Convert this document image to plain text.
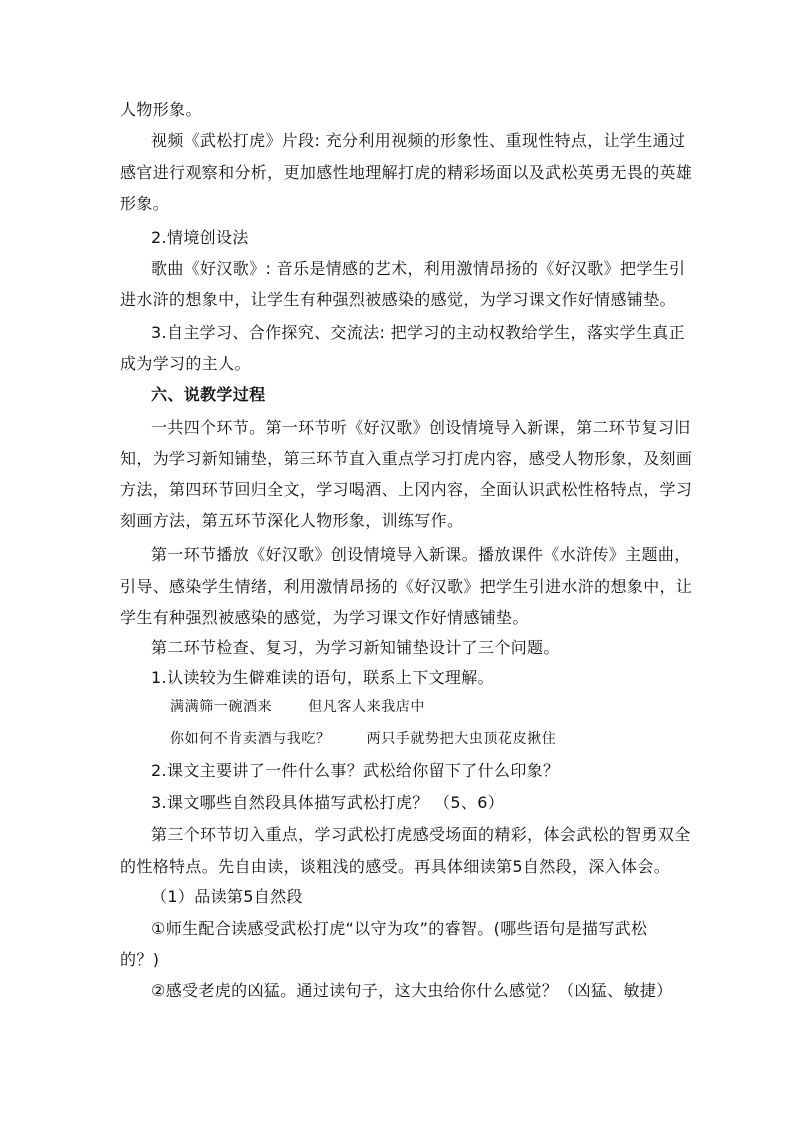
人物形象。
视频《武松打虎》片段: 充分利用视频的形象性、重现性特点，让学生通过
感官进行观察和分析，更加感性地理解打虎的精彩场面以及武松英勇无畏的英雄
形象。
2.情境创设法
歌曲《好汉歌》: 音乐是情感的艺术，利用激情昂扬的《好汉歌》把学生引
进水浒的想象中，让学生有种强烈被感染的感觉，为学习课文作好情感铺垫。
3.自主学习、合作探究、交流法: 把学习的主动权教给学生，落实学生真正
成为学习的主人。
六、说教学过程
一共四个环节。第一环节听《好汉歌》创设情境导入新课，第二环节复习旧
知，为学习新知铺垫，第三环节直入重点学习打虎内容，感受人物形象，及刻画
方法，第四环节回归全文，学习喝酒、上冈内容，全面认识武松性格特点，学习
刻画方法，第五环节深化人物形象，训练写作。
第一环节播放《好汉歌》创设情境导入新课。播放课件《水浒传》主题曲，
引导、感染学生情绪，利用激情昂扬的《好汉歌》把学生引进水浒的想象中，让
学生有种强烈被感染的感觉，为学习课文作好情感铺垫。
第二环节检查、复习，为学习新知铺垫设计了三个问题。
1.认读较为生僻难读的语句，联系上下文理解。
满满筛一碗酒来	但凡客人来我店中
你如何不肯卖酒与我吃？	两只手就势把大虫顶花皮揪住
2.课文主要讲了一件什么事？武松给你留下了什么印象？
3.课文哪些自然段具体描写武松打虎？ （5、6）
第三个环节切入重点，学习武松打虎感受场面的精彩，体会武松的智勇双全
的性格特点。先自由读，谈粗浅的感受。再具体细读第5自然段，深入体会。
（1）品读第5自然段
①师生配合读感受武松打虎“以守为攻”的睿智。(哪些语句是描写武松
的？)
②感受老虎的凶猛。通过读句子，这大虫给你什么感觉？（凶猛、敏捷）
